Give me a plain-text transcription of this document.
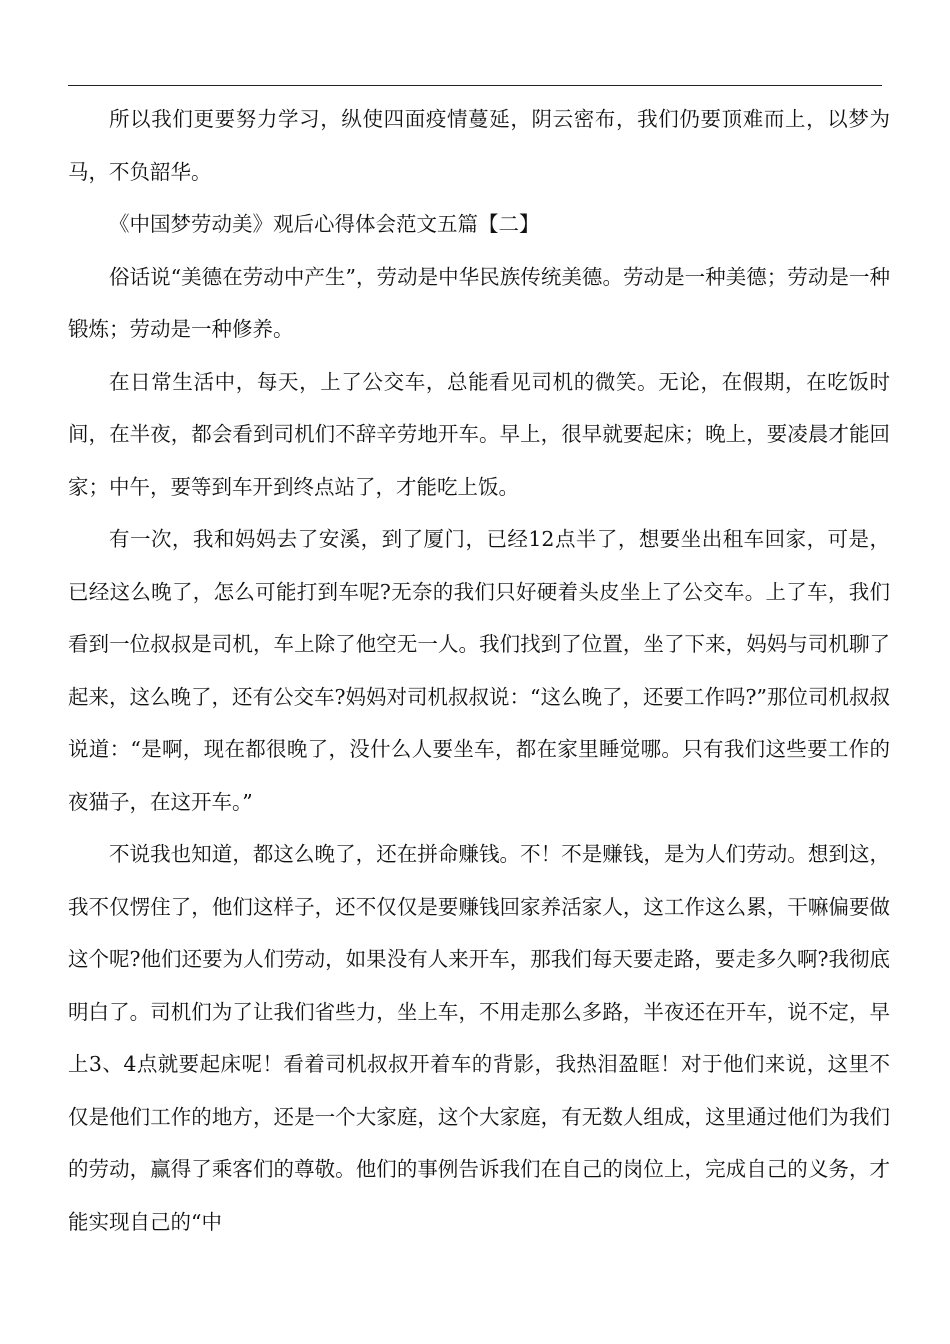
所以我们更要努力学习，纵使四面疫情蔓延，阴云密布，我们仍要顶难而上，以梦为马，不负韶华。

《中国梦劳动美》观后心得体会范文五篇【二】

俗话说“美德在劳动中产生”，劳动是中华民族传统美德。劳动是一种美德；劳动是一种锻炼；劳动是一种修养。

在日常生活中，每天，上了公交车，总能看见司机的微笑。无论，在假期，在吃饭时间，在半夜，都会看到司机们不辞辛劳地开车。早上，很早就要起床；晚上，要凌晨才能回家；中午，要等到车开到终点站了，才能吃上饭。

有一次，我和妈妈去了安溪，到了厦门，已经12点半了，想要坐出租车回家，可是，已经这么晚了，怎么可能打到车呢?无奈的我们只好硬着头皮坐上了公交车。上了车，我们看到一位叔叔是司机，车上除了他空无一人。我们找到了位置，坐了下来，妈妈与司机聊了起来，这么晚了，还有公交车?妈妈对司机叔叔说：“这么晚了，还要工作吗?”那位司机叔叔说道：“是啊，现在都很晚了，没什么人要坐车，都在家里睡觉哪。只有我们这些要工作的夜猫子，在这开车。”

不说我也知道，都这么晚了，还在拼命赚钱。不！不是赚钱，是为人们劳动。想到这，我不仅愣住了，他们这样子，还不仅仅是要赚钱回家养活家人，这工作这么累，干嘛偏要做这个呢?他们还要为人们劳动，如果没有人来开车，那我们每天要走路，要走多久啊?我彻底明白了。司机们为了让我们省些力，坐上车，不用走那么多路，半夜还在开车，说不定，早上3、4点就要起床呢！看着司机叔叔开着车的背影，我热泪盈眶！对于他们来说，这里不仅是他们工作的地方，还是一个大家庭，这个大家庭，有无数人组成，这里通过他们为我们的劳动，赢得了乘客们的尊敬。他们的事例告诉我们在自己的岗位上，完成自己的义务，才能实现自己的“中
